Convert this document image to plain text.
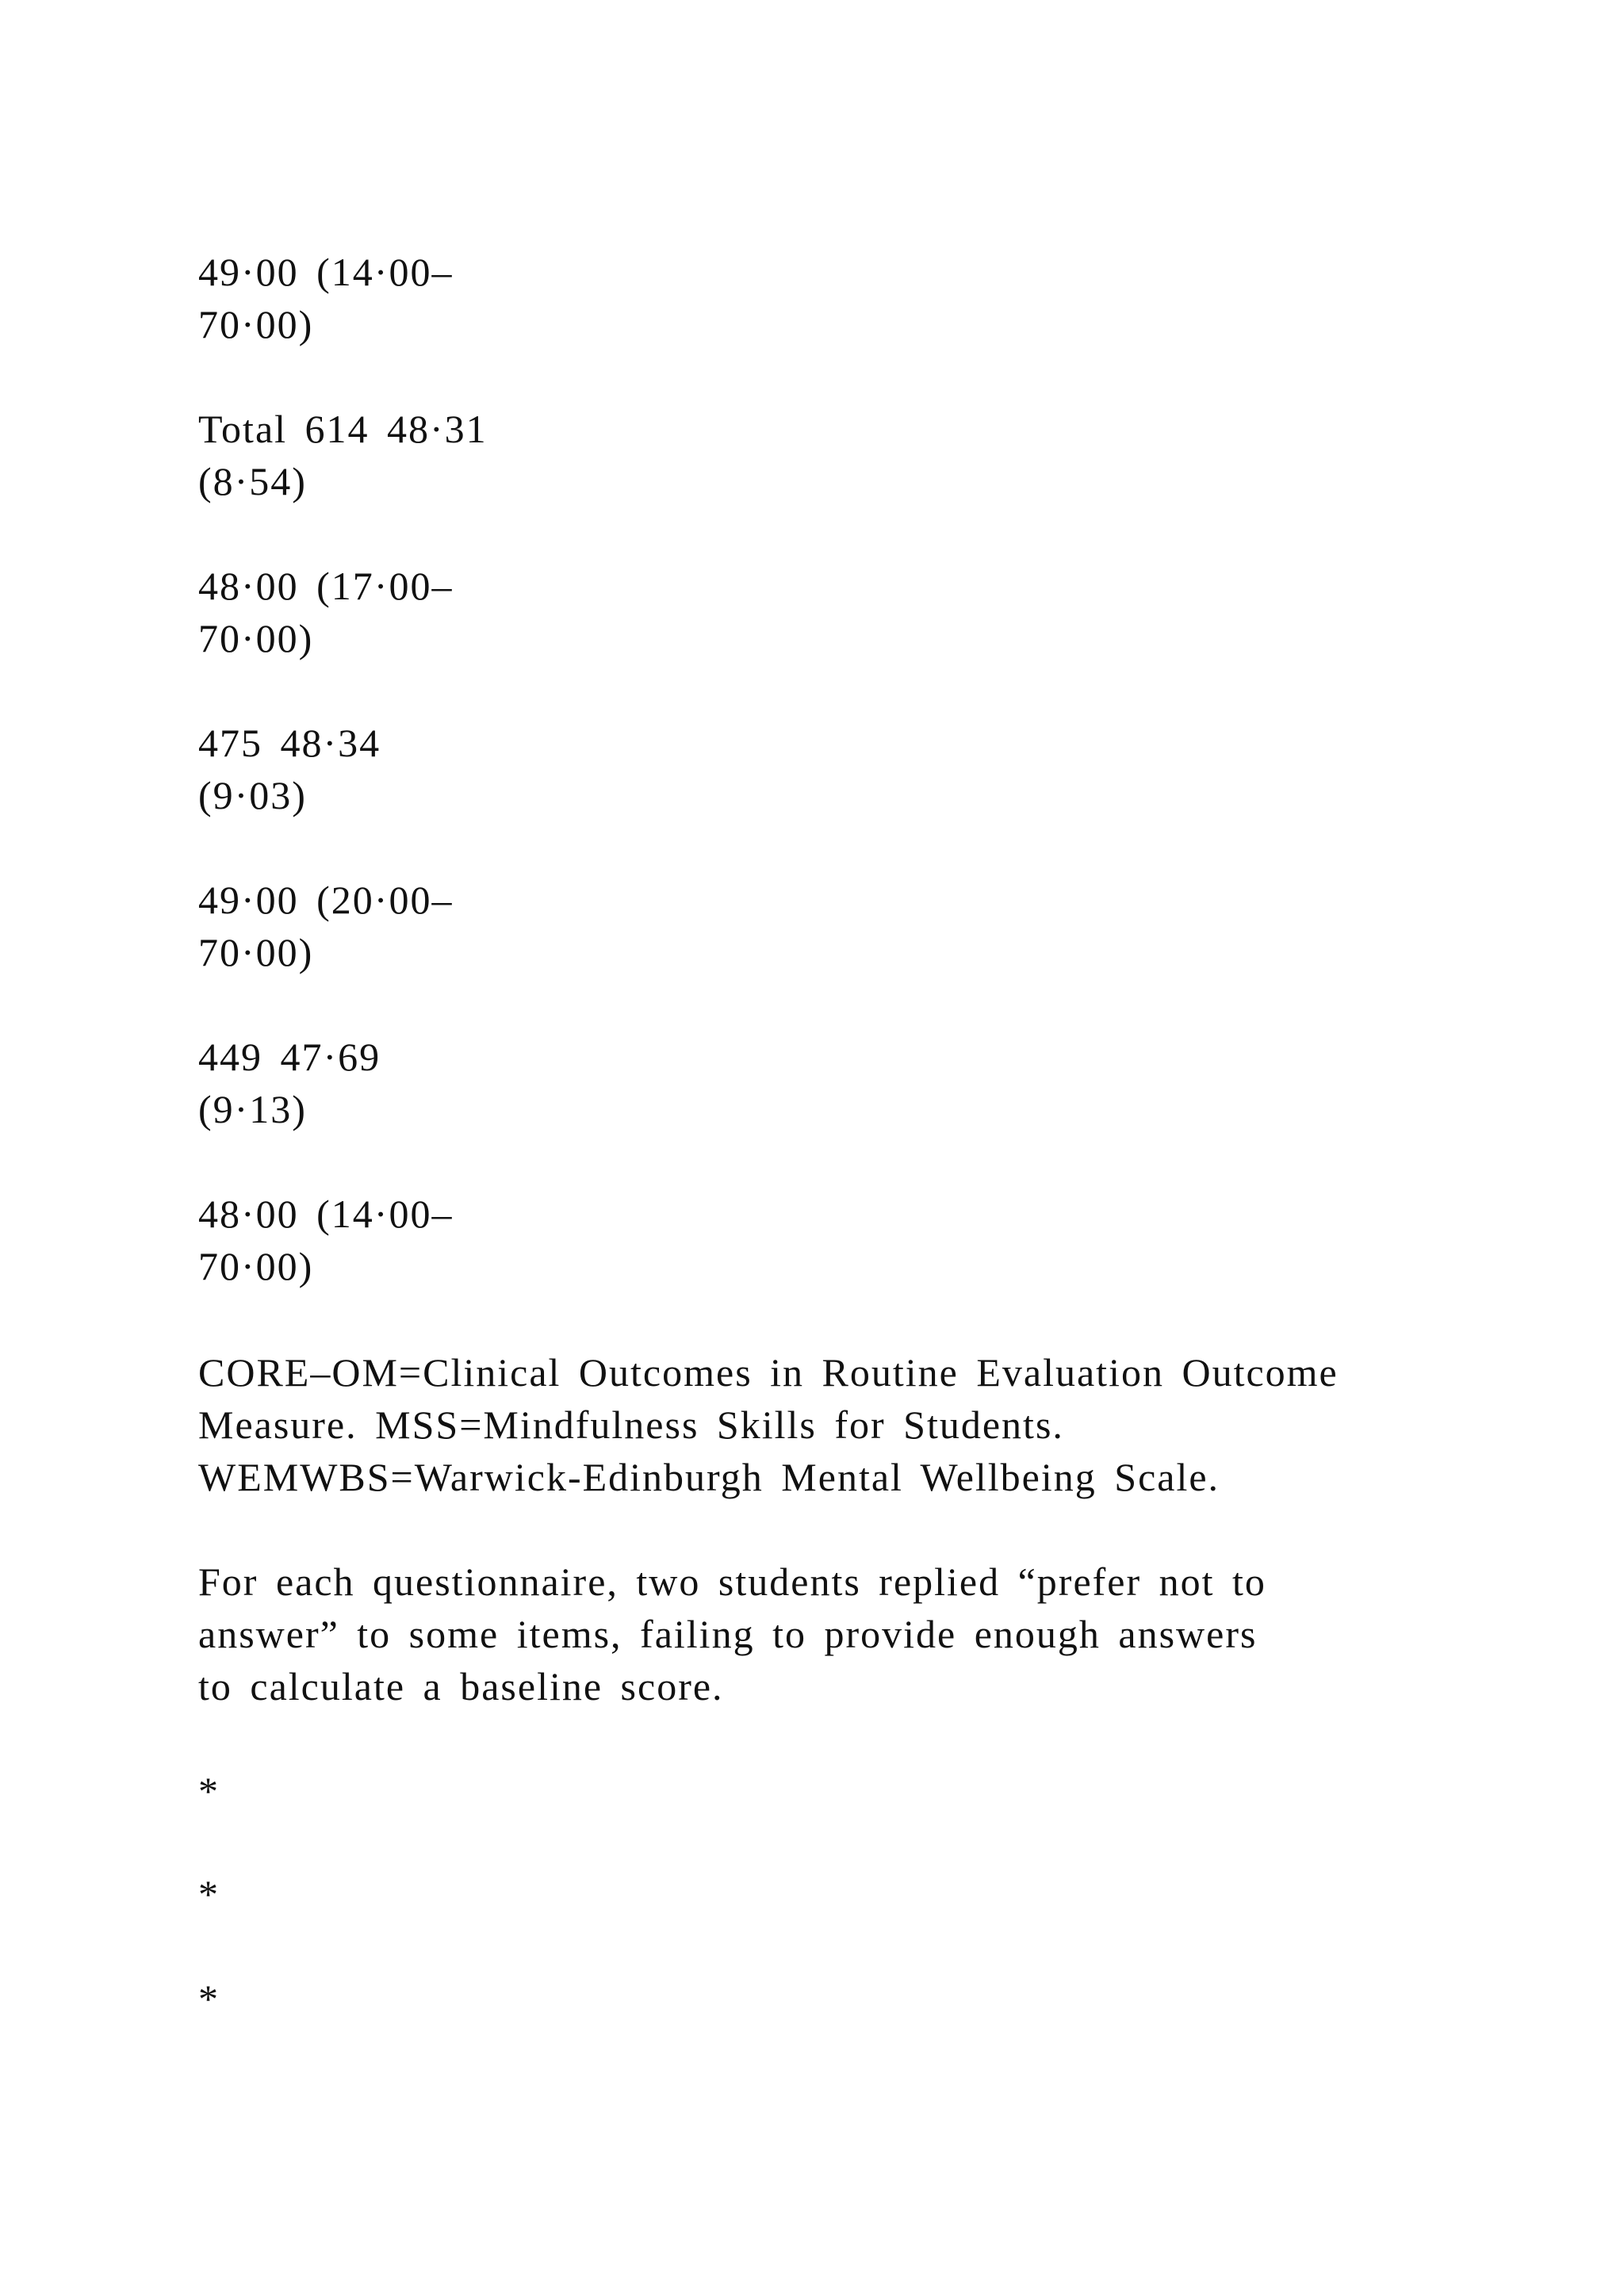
49·00 (14·00–
70·00)

Total 614 48·31
(8·54)

48·00 (17·00–
70·00)

475 48·34
(9·03)

49·00 (20·00–
70·00)

449 47·69
(9·13)

48·00 (14·00–
70·00)

CORE–OM=Clinical Outcomes in Routine Evaluation Outcome
Measure. MSS=Mindfulness Skills for Students.
WEMWBS=Warwick-Edinburgh Mental Wellbeing Scale.

For each questionnaire, two students replied “prefer not to
answer” to some items, failing to provide enough answers
to calculate a baseline score.

*

*

*
